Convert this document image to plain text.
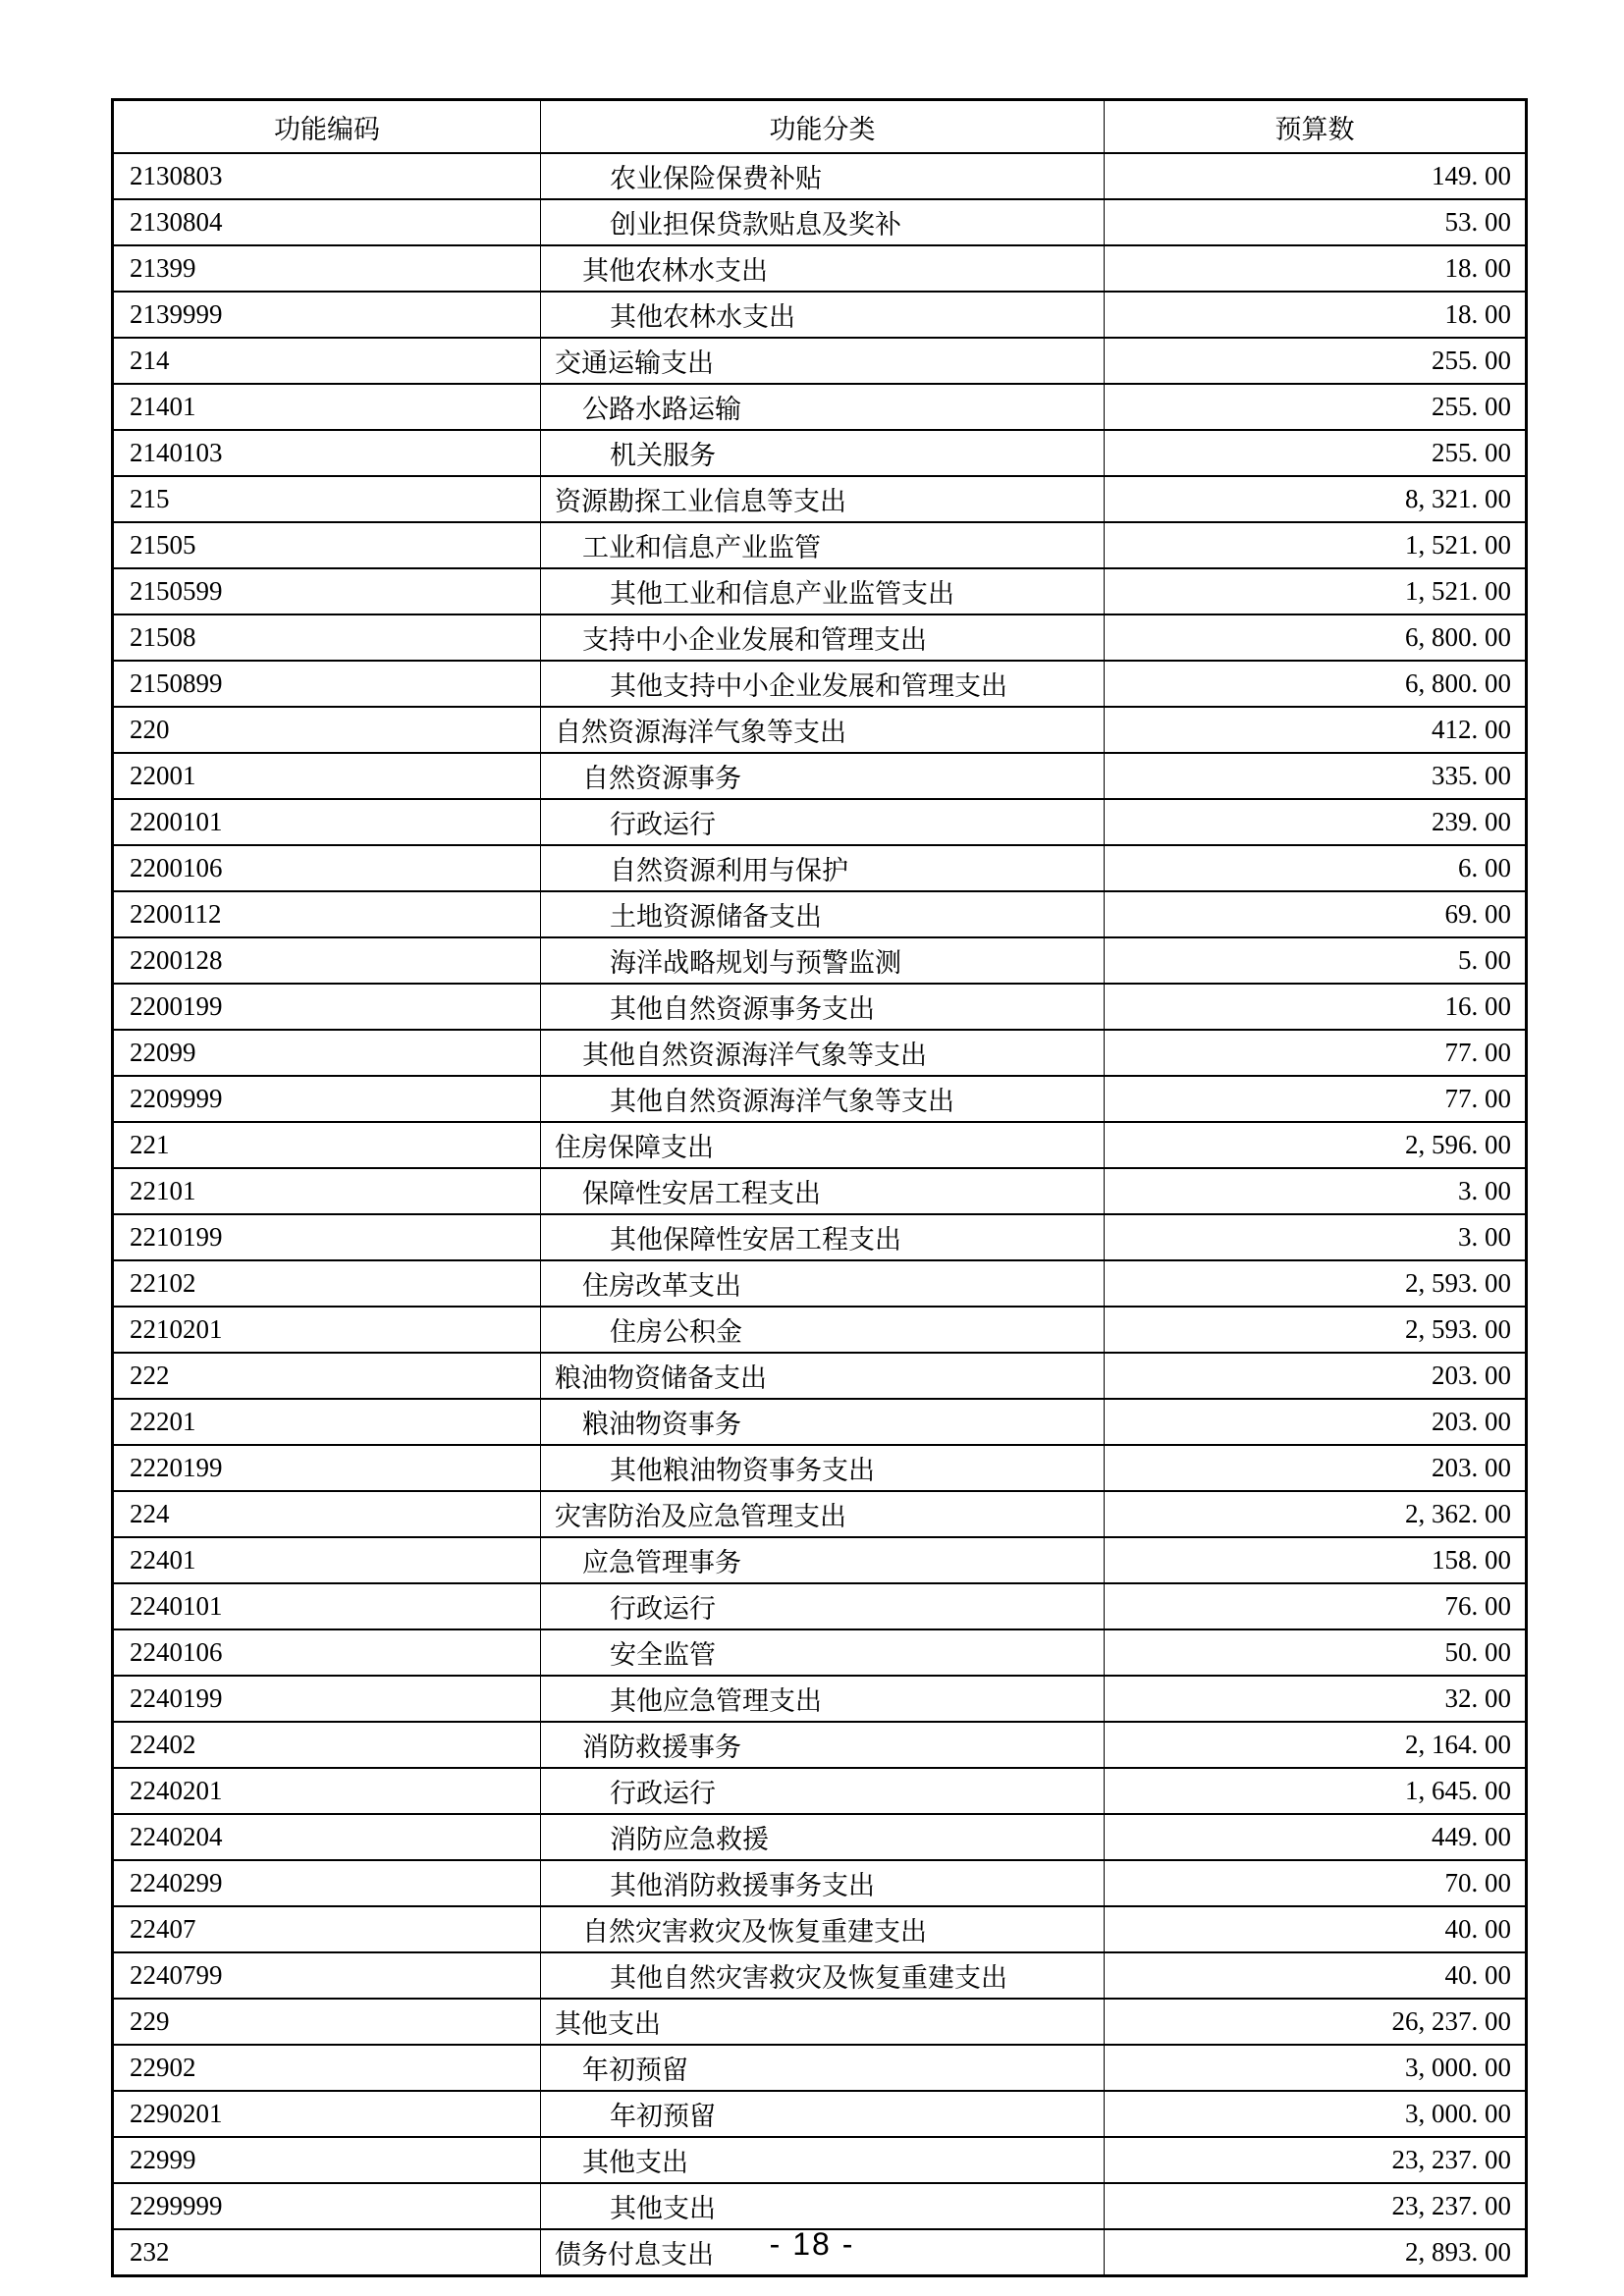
功能编码	功能分类	预算数
2130803	农业保险保费补贴	149. 00
2130804	创业担保贷款贴息及奖补	53. 00
21399	其他农林水支出	18. 00
2139999	其他农林水支出	18. 00
214	交通运输支出	255. 00
21401	公路水路运输	255. 00
2140103	机关服务	255. 00
215	资源勘探工业信息等支出	8, 321. 00
21505	工业和信息产业监管	1, 521. 00
2150599	其他工业和信息产业监管支出	1, 521. 00
21508	支持中小企业发展和管理支出	6, 800. 00
2150899	其他支持中小企业发展和管理支出	6, 800. 00
220	自然资源海洋气象等支出	412. 00
22001	自然资源事务	335. 00
2200101	行政运行	239. 00
2200106	自然资源利用与保护	6. 00
2200112	土地资源储备支出	69. 00
2200128	海洋战略规划与预警监测	5. 00
2200199	其他自然资源事务支出	16. 00
22099	其他自然资源海洋气象等支出	77. 00
2209999	其他自然资源海洋气象等支出	77. 00
221	住房保障支出	2, 596. 00
22101	保障性安居工程支出	3. 00
2210199	其他保障性安居工程支出	3. 00
22102	住房改革支出	2, 593. 00
2210201	住房公积金	2, 593. 00
222	粮油物资储备支出	203. 00
22201	粮油物资事务	203. 00
2220199	其他粮油物资事务支出	203. 00
224	灾害防治及应急管理支出	2, 362. 00
22401	应急管理事务	158. 00
2240101	行政运行	76. 00
2240106	安全监管	50. 00
2240199	其他应急管理支出	32. 00
22402	消防救援事务	2, 164. 00
2240201	行政运行	1, 645. 00
2240204	消防应急救援	449. 00
2240299	其他消防救援事务支出	70. 00
22407	自然灾害救灾及恢复重建支出	40. 00
2240799	其他自然灾害救灾及恢复重建支出	40. 00
229	其他支出	26, 237. 00
22902	年初预留	3, 000. 00
2290201	年初预留	3, 000. 00
22999	其他支出	23, 237. 00
2299999	其他支出	23, 237. 00
232	债务付息支出	2, 893. 00
- 18 -
